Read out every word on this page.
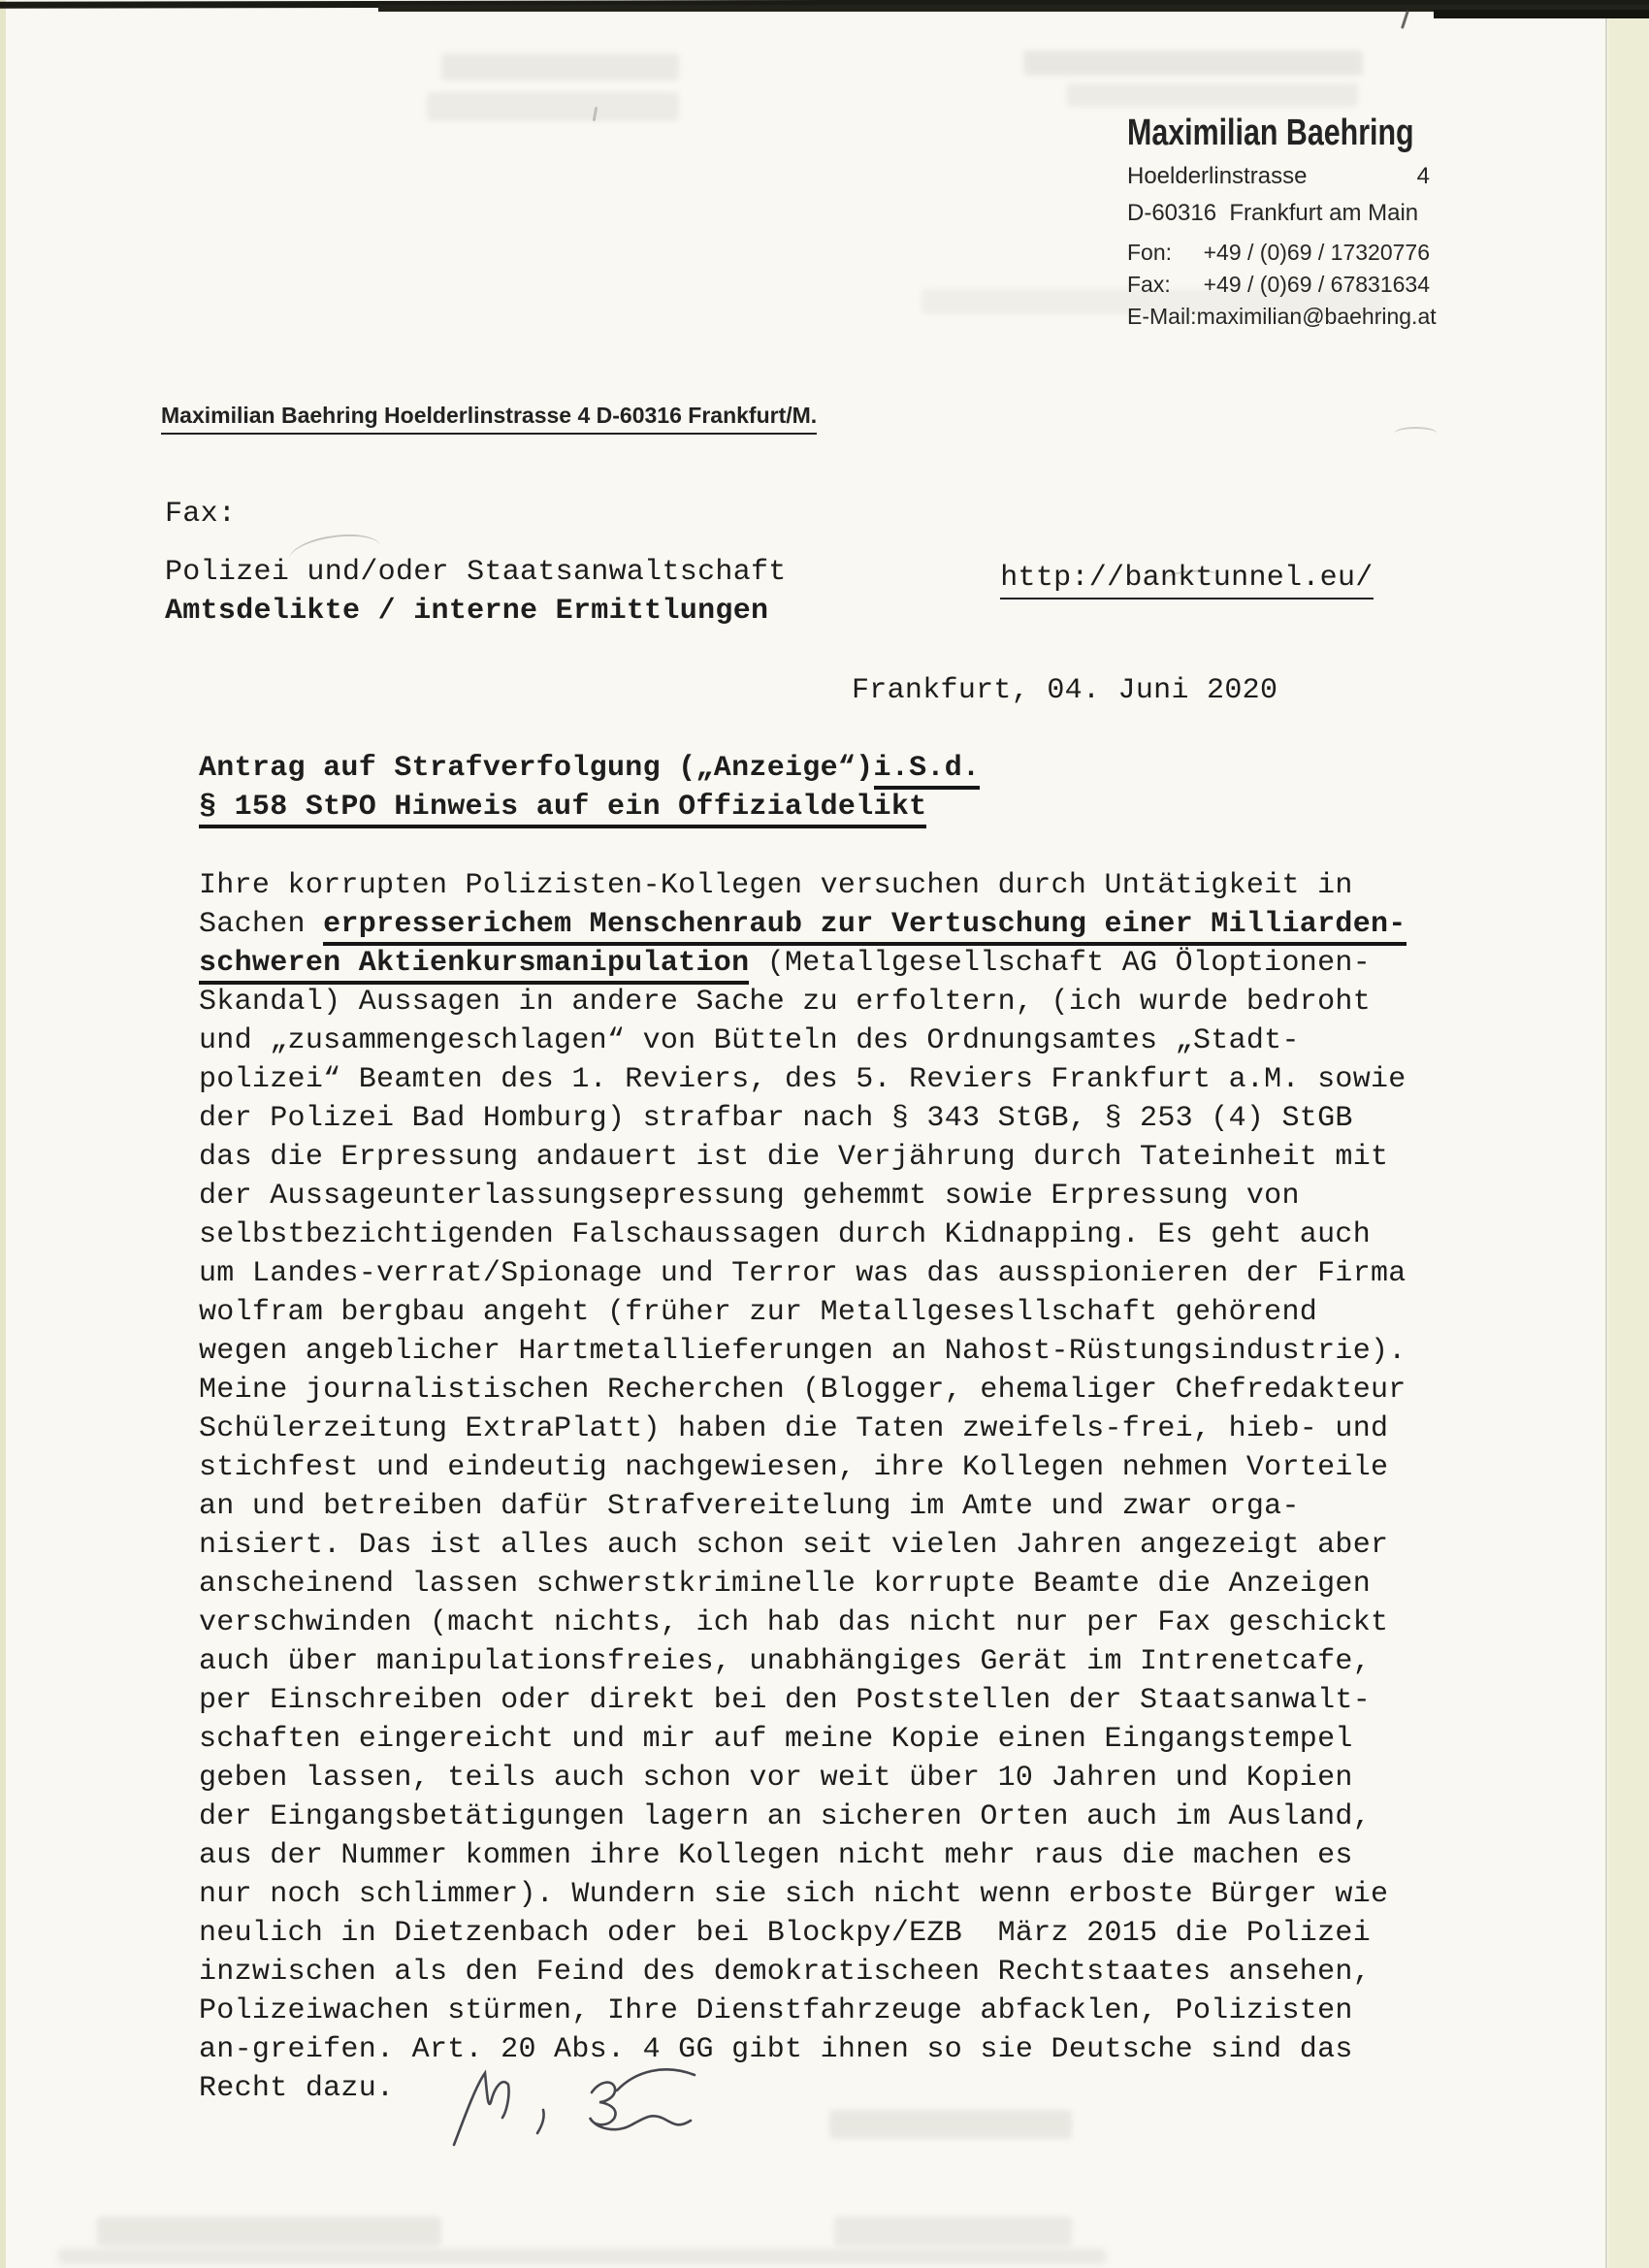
Maximilian Baehring
Hoelderlinstrasse	4
D-60316  Frankfurt am Main
Fon: +49 / (0)69 / 17320776
Fax: +49 / (0)69 / 67831634
E-Mail: maximilian@baehring.at
Maximilian Baehring Hoelderlinstrasse 4 D-60316 Frankfurt/M.
Fax:

http://banktunnel.eu/

Polizei und/oder Staatsanwaltschaft
Amtsdelikte / interne Ermittlungen
Frankfurt, 04. Juni 2020
Antrag auf Strafverfolgung („Anzeige“)i.S.d.
§ 158 StPO Hinweis auf ein Offizialdelikt
Ihre korrupten Polizisten-Kollegen versuchen durch Untätigkeit in
Sachen erpresserichem Menschenraub zur Vertuschung einer Milliarden-
schweren Aktienkursmanipulation (Metallgesellschaft AG Öloptionen-
Skandal) Aussagen in andere Sache zu erfoltern, (ich wurde bedroht
und „zusammengeschlagen“ von Bütteln des Ordnungsamtes „Stadt-
polizei“ Beamten des 1. Reviers, des 5. Reviers Frankfurt a.M. sowie
der Polizei Bad Homburg) strafbar nach § 343 StGB, § 253 (4) StGB
das die Erpressung andauert ist die Verjährung durch Tateinheit mit
der Aussageunterlassungsepressung gehemmt sowie Erpressung von
selbstbezichtigenden Falschaussagen durch Kidnapping. Es geht auch
um Landes-verrat/Spionage und Terror was das ausspionieren der Firma
wolfram bergbau angeht (früher zur Metallgesesllschaft gehörend
wegen angeblicher Hartmetallieferungen an Nahost-Rüstungsindustrie).
Meine journalistischen Recherchen (Blogger, ehemaliger Chefredakteur
Schülerzeitung ExtraPlatt) haben die Taten zweifels-frei, hieb- und
stichfest und eindeutig nachgewiesen, ihre Kollegen nehmen Vorteile
an und betreiben dafür Strafvereitelung im Amte und zwar orga-
nisiert. Das ist alles auch schon seit vielen Jahren angezeigt aber
anscheinend lassen schwerstkriminelle korrupte Beamte die Anzeigen
verschwinden (macht nichts, ich hab das nicht nur per Fax geschickt
auch über manipulationsfreies, unabhängiges Gerät im Intrenetcafe,
per Einschreiben oder direkt bei den Poststellen der Staatsanwalt-
schaften eingereicht und mir auf meine Kopie einen Eingangstempel
geben lassen, teils auch schon vor weit über 10 Jahren und Kopien
der Eingangsbetätigungen lagern an sicheren Orten auch im Ausland,
aus der Nummer kommen ihre Kollegen nicht mehr raus die machen es
nur noch schlimmer). Wundern sie sich nicht wenn erboste Bürger wie
neulich in Dietzenbach oder bei Blockpy/EZB  März 2015 die Polizei
inzwischen als den Feind des demokratischeen Rechtstaates ansehen,
Polizeiwachen stürmen, Ihre Dienstfahrzeuge abfacklen, Polizisten
an-greifen. Art. 20 Abs. 4 GG gibt ihnen so sie Deutsche sind das
Recht dazu.
